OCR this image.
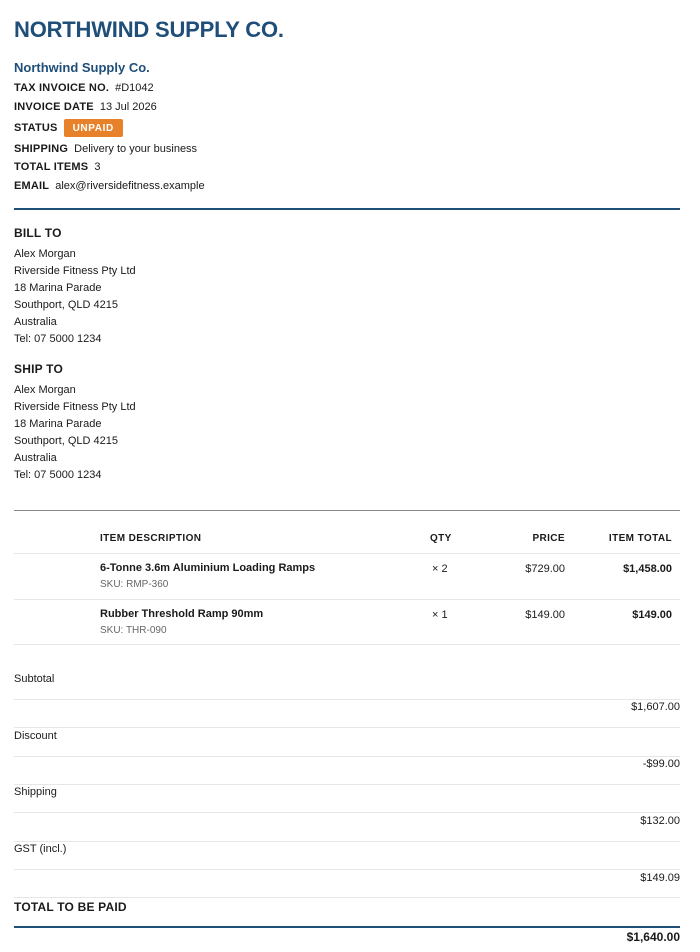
NORTHWIND SUPPLY CO.
Northwind Supply Co.
TAX INVOICE NO. #D1042
INVOICE DATE 13 Jul 2026
STATUS	UNPAID
SHIPPING Delivery to your business
TOTAL ITEMS 3
EMAIL alex@riversidefitness.example
BILL TO
Alex Morgan
Riverside Fitness Pty Ltd
18 Marina Parade
Southport, QLD 4215
Australia
Tel: 07 5000 1234
SHIP TO
Alex Morgan
Riverside Fitness Pty Ltd
18 Marina Parade
Southport, QLD 4215
Australia
Tel: 07 5000 1234
ITEM DESCRIPTION	QTY	PRICE	ITEM TOTAL
6-Tonne 3.6m Aluminium Loading Ramps
SKU: RMP-360
× 2	$729.00	$1,458.00
Rubber Threshold Ramp 90mm
SKU: THR-090
× 1	$149.00	$149.00
Subtotal
$1,607.00
Discount
-$99.00
Shipping
$132.00
GST (incl.)
$149.09
TOTAL TO BE PAID
$1,640.00
